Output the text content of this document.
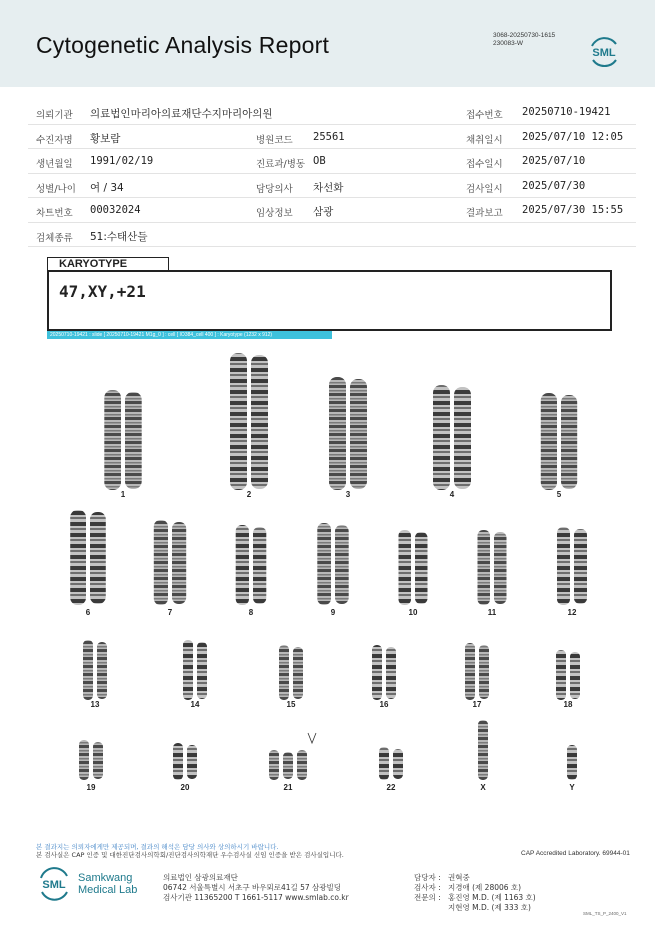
Cytogenetic Analysis Report	3068-20250730-1615
230083-W
SML
의뢰기관 의료법인마리아의료재단수지마리아의원	접수번호 20250710-19421
수진자명 황보람	병원코드 25561	채취일시 2025/07/10 12:05
생년월일 1991/02/19	진료과/병동 OB	접수일시 2025/07/10
성별/나이 여 / 34	담당의사 차선화	검사일시 2025/07/30
차트번호 00032024	임상정보 삼광	결과보고 2025/07/30 15:55
검체종류 51:수태산들
KARYOTYPE
47,XY,+21
20250710-19421 : slide [ 20250710-19421 M1g_0 ] : cell [ IO384_cell 400 ] : Karyotype (1232 x 912)
1	2	3	4	5
6	7	8	9	10	11	12
13	14	15	16	17	18
19	20	21	22	X	Y
본 결과지는 의뢰자에게만 제공되며, 결과의 해석은 담당 의사와 상의하시기 바랍니다.
본 검사실은 CAP 인증 및 대한진단검사의학회/진단검사의학재단 우수검사실 신임 인증을 받은 검사실입니다.	CAP Accredited Laboratory. 69944-01
SML
Samkwang
Medical Lab
의료법인 삼광의료재단
06742 서울특별시 서초구 바우뫼로41길 57 삼광빌딩
검사기관 11365200 T 1661-5117 www.smlab.co.kr
담당자 : 권혁중
검사자 : 지경애 (제 28006 호)
전문의 : 홍진영 M.D. (제 1163 호)
지현영 M.D. (제 333 호)
SML_TS_P_2400_V1
